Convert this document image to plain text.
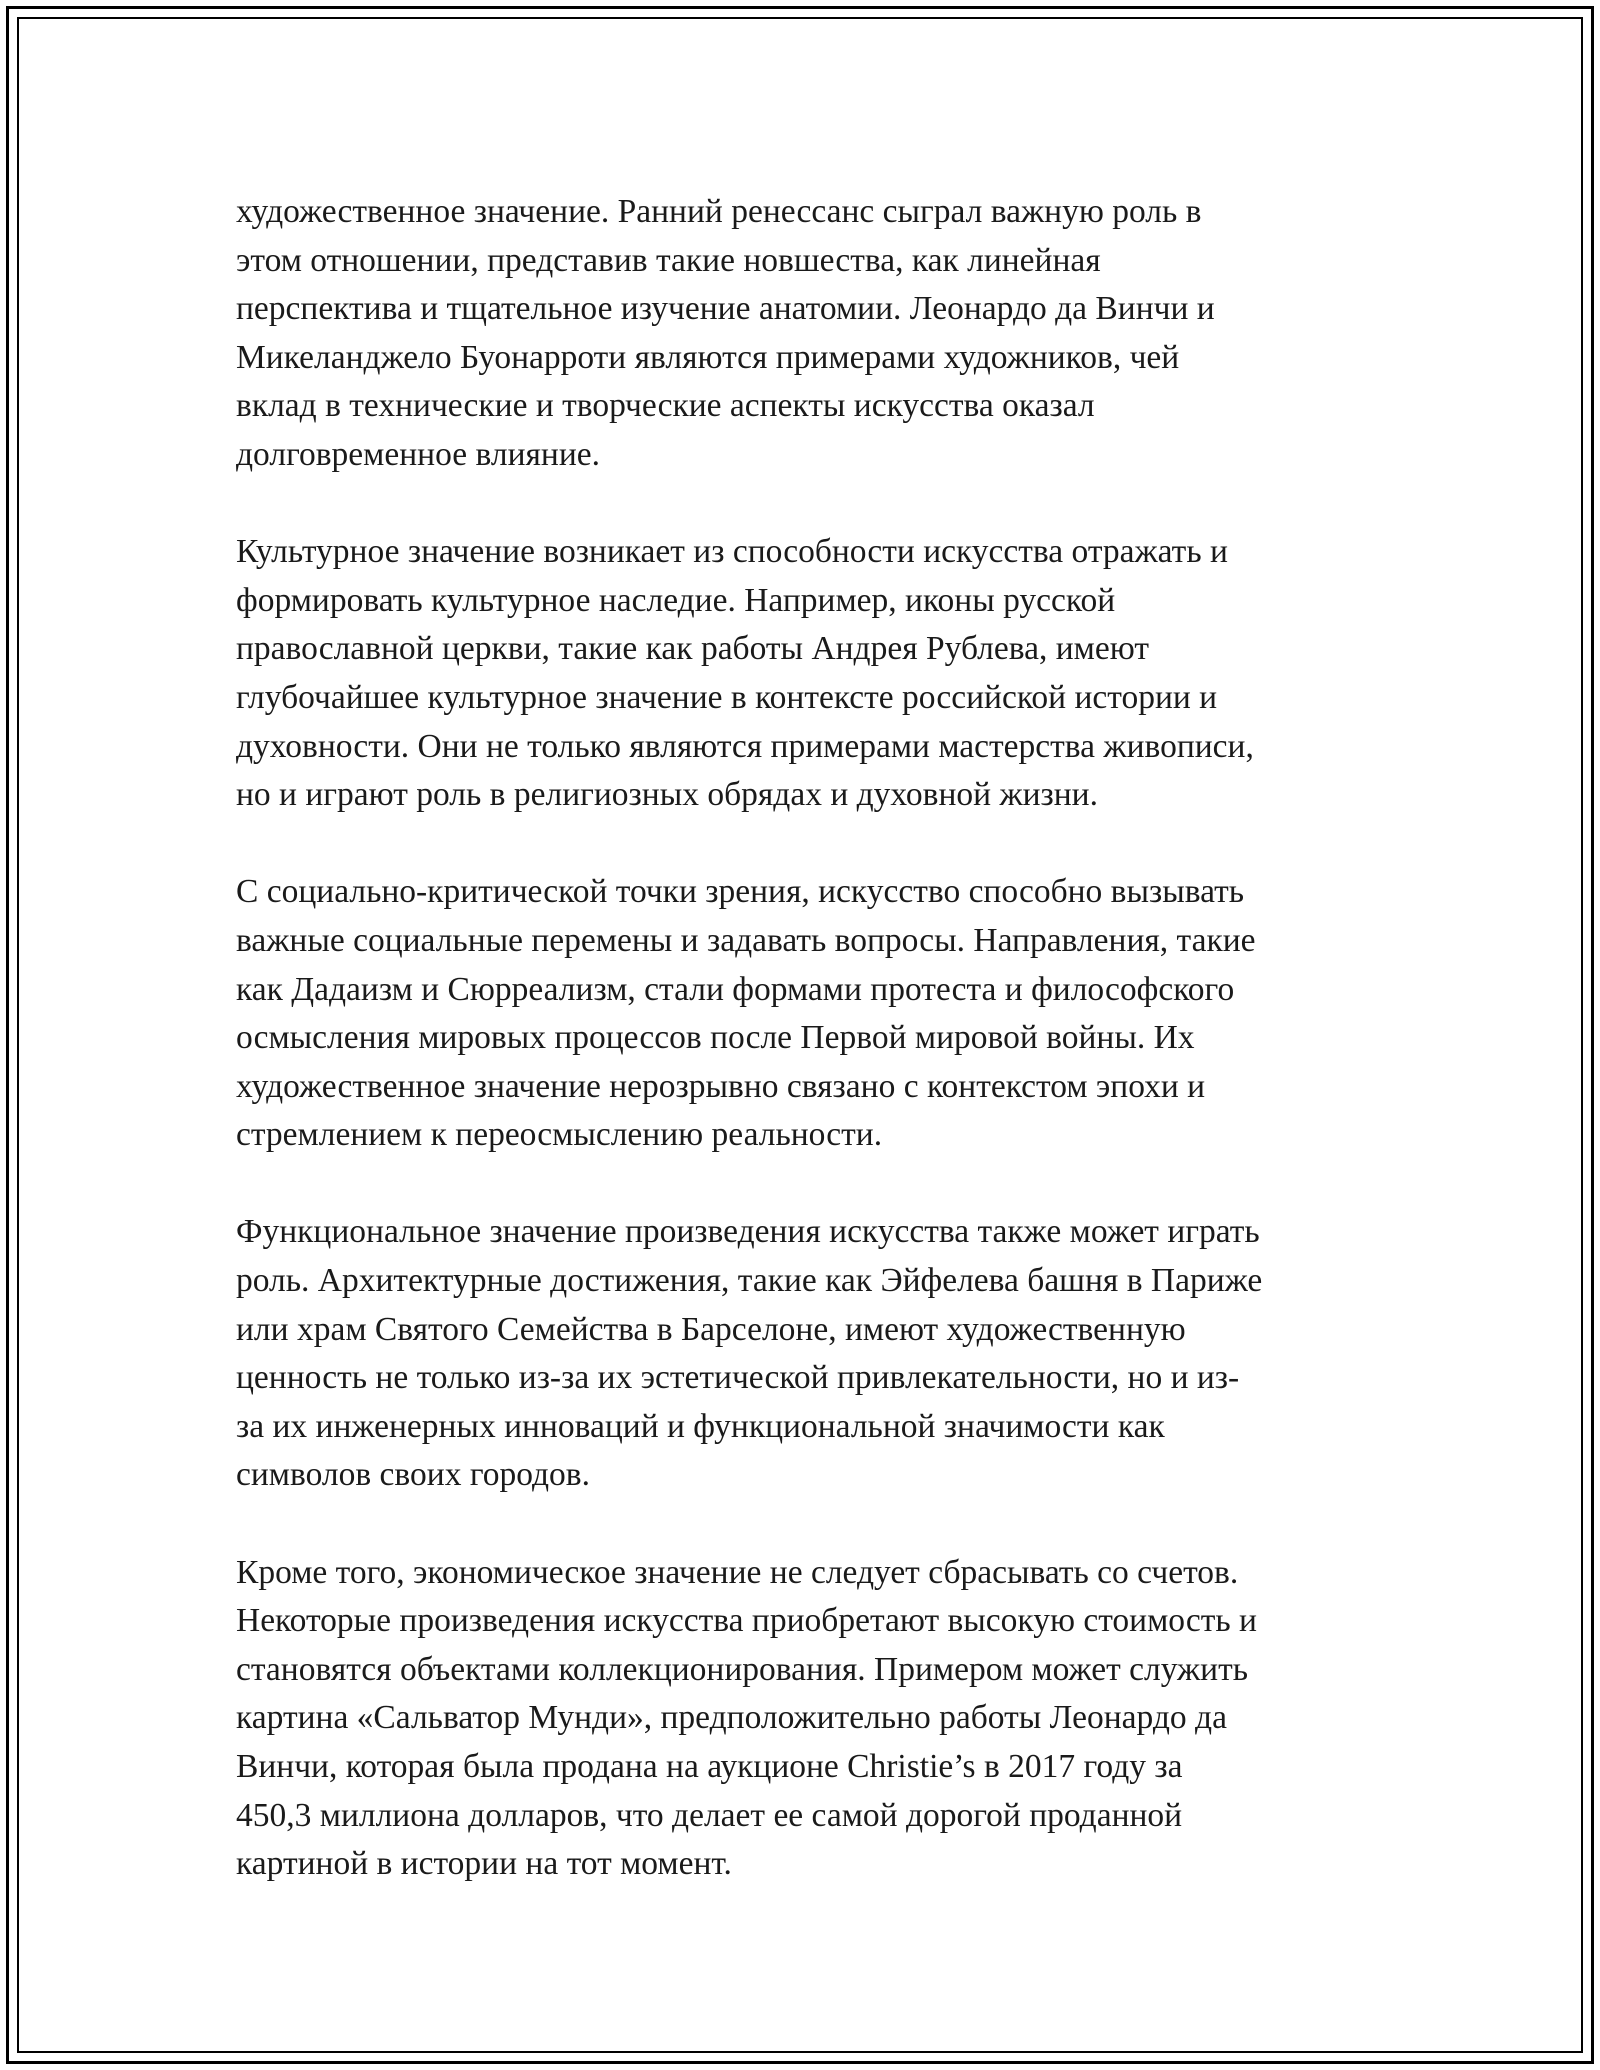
художественное значение. Ранний ренессанс сыграл важную роль в
этом отношении, представив такие новшества, как линейная
перспектива и тщательное изучение анатомии. Леонардо да Винчи и
Микеланджело Буонарроти являются примерами художников, чей
вклад в технические и творческие аспекты искусства оказал
долговременное влияние.

Культурное значение возникает из способности искусства отражать и
формировать культурное наследие. Например, иконы русской
православной церкви, такие как работы Андрея Рублева, имеют
глубочайшее культурное значение в контексте российской истории и
духовности. Они не только являются примерами мастерства живописи,
но и играют роль в религиозных обрядах и духовной жизни.

С социально-критической точки зрения, искусство способно вызывать
важные социальные перемены и задавать вопросы. Направления, такие
как Дадаизм и Сюрреализм, стали формами протеста и философского
осмысления мировых процессов после Первой мировой войны. Их
художественное значение нерозрывно связано с контекстом эпохи и
стремлением к переосмыслению реальности.

Функциональное значение произведения искусства также может играть
роль. Архитектурные достижения, такие как Эйфелева башня в Париже
или храм Святого Семейства в Барселоне, имеют художественную
ценность не только из-за их эстетической привлекательности, но и из-
за их инженерных инноваций и функциональной значимости как
символов своих городов.

Кроме того, экономическое значение не следует сбрасывать со счетов.
Некоторые произведения искусства приобретают высокую стоимость и
становятся объектами коллекционирования. Примером может служить
картина «Сальватор Мунди», предположительно работы Леонардо да
Винчи, которая была продана на аукционе Christie’s в 2017 году за
450,3 миллиона долларов, что делает ее самой дорогой проданной
картиной в истории на тот момент.
